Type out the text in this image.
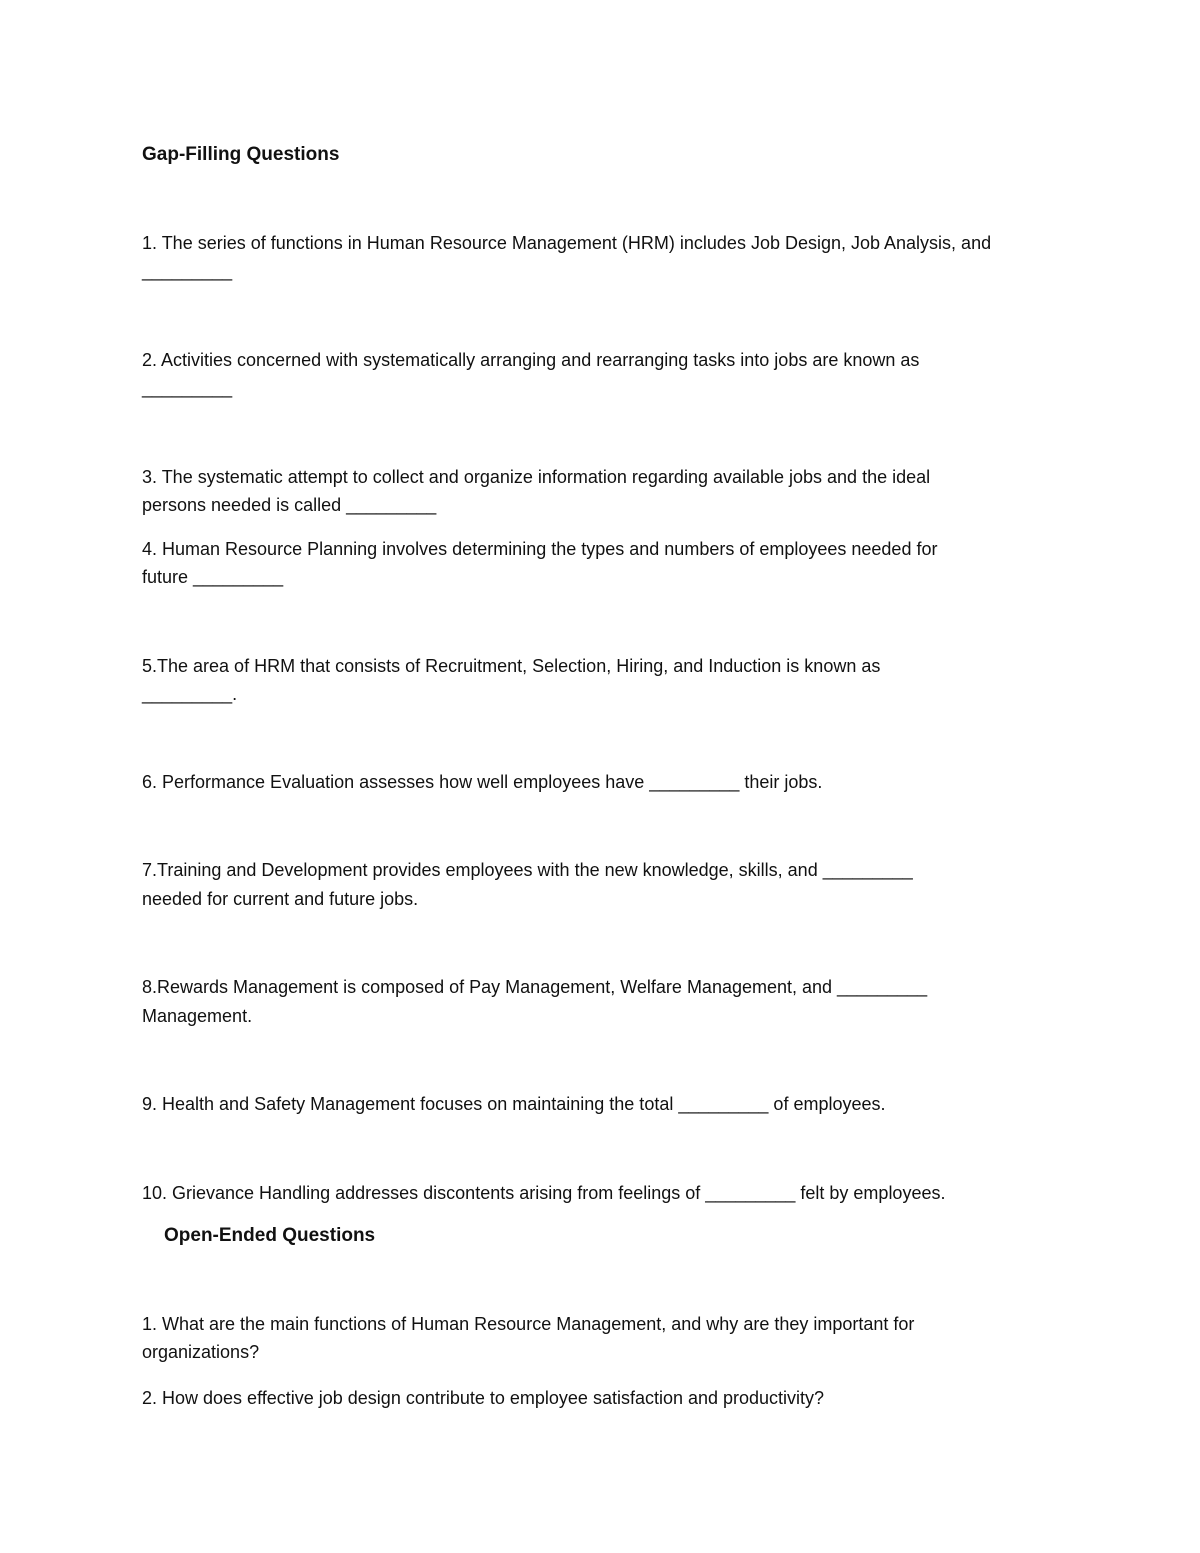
Gap-Filling Questions

1. The series of functions in Human Resource Management (HRM) includes Job Design, Job Analysis, and

_________

2. Activities concerned with systematically arranging and rearranging tasks into jobs are known as

_________

3. The systematic attempt to collect and organize information regarding available jobs and the ideal

persons needed is called _________

4. Human Resource Planning involves determining the types and numbers of employees needed for

future _________

5.The area of HRM that consists of Recruitment, Selection, Hiring, and Induction is known as

_________.

6. Performance Evaluation assesses how well employees have _________ their jobs.

7.Training and Development provides employees with the new knowledge, skills, and _________

needed for current and future jobs.

8.Rewards Management is composed of Pay Management, Welfare Management, and _________

Management.

9. Health and Safety Management focuses on maintaining the total _________ of employees.

10. Grievance Handling addresses discontents arising from feelings of _________ felt by employees.

Open-Ended Questions

1. What are the main functions of Human Resource Management, and why are they important for

organizations?

2. How does effective job design contribute to employee satisfaction and productivity?
